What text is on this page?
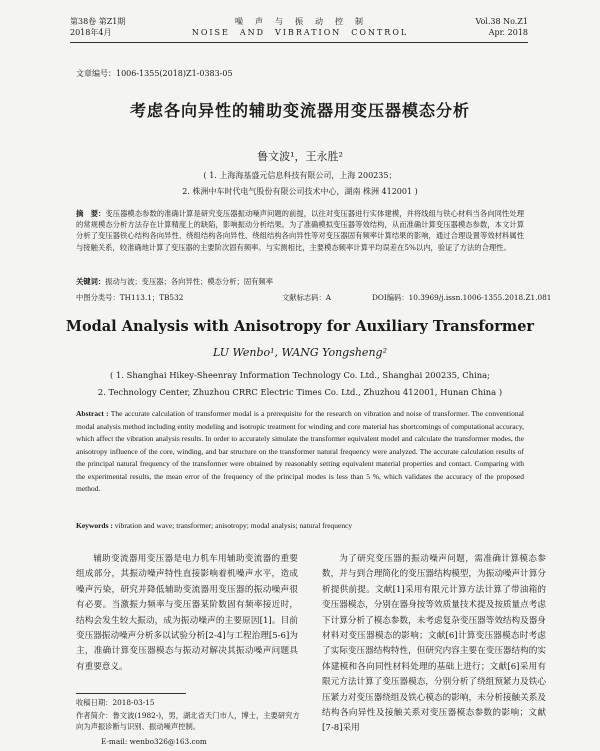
第38卷 第Z1期
2018年4月
噪　声　与　振　动　控　制
NOISE　AND　VIBRATION　CONTROL
Vol.38 No.Z1
Apr. 2018
文章编号：1006-1355(2018)Z1-0383-05
考虑各向异性的辅助变流器用变压器模态分析
鲁文波¹，王永胜²
( 1. 上海海基盛元信息科技有限公司，上海 200235；
2. 株洲中车时代电气股份有限公司技术中心，湖南 株洲 412001 )
摘　要：变压器模态参数的准确计算是研究变压器振动噪声问题的前提，以往对变压器进行实体建模，并将线组与铁心材料当各向同性处理的常规模态分析方法存在计算精度上的缺陷，影响振动分析结果。为了准确模拟变压器等效结构，从而准确计算变压器模态参数，本文计算分析了变压器铁心结构各向异性、绕组结构各向异性、绕组结构各向异性等对变压器固有频率计算结果的影响，通过合理设置等效材料属性与接触关系，较准确地计算了变压器的主要阶次固有频率。与实测相比，主要模态频率计算平均误差在5%以内，验证了方法的合理性。
关键词：振动与波；变压器；各向异性；模态分析；固有频率
中图分类号：TH113.1；TB532	文献标志码：A	DOI编码：10.3969/j.issn.1006-1355.2018.Z1.081
Modal Analysis with Anisotropy for Auxiliary Transformer
LU Wenbo¹, WANG Yongsheng²
( 1. Shanghai Hikey-Sheenray Information Technology Co. Ltd., Shanghai 200235, China;
2. Technology Center, Zhuzhou CRRC Electric Times Co. Ltd., Zhuzhou 412001, Hunan China )
Abstract : The accurate calculation of transformer modal is a prerequisite for the research on vibration and noise of transformer. The conventional modal analysis method including entity modeling and isotropic treatment for winding and core material has shortcomings of computational accuracy, which affect the vibration analysis results. In order to accurately simulate the transformer equivalent model and calculate the transformer modes, the anisotropy influence of the core, winding, and bar structure on the transformer natural frequency were analyzed. The accurate calculation results of the principal natural frequency of the transformer were obtained by reasonably setting equivalent material properties and contact. Comparing with the experimental results, the mean error of the frequency of the principal modes is less than 5 %, which validates the accuracy of the proposed method.
Keywords : vibration and wave; transformer; anisotropy; modal analysis; natural frequency
辅助变流器用变压器是电力机车用辅助变流器的重要组成部分，其振动噪声特性直接影响着机噪声水平，造成噪声污染，研究并降低辅助变流器用变压器的振动噪声很有必要。当激振力频率与变压器某阶数固有频率接近时，结构会发生较大振动，成为振动噪声的主要原因[1]。目前变压器振动噪声分析多以试验分析[2-4]与工程治理[5-6]为主，准确计算变压器模态与振动对解决其振动噪声问题具有重要意义。
为了研究变压器的振动噪声问题，需准确计算模态参数，并与到合理简化的变压器结构模型，为振动噪声计算分析提供前提。文献[1]采用有限元计算方法计算了带油箱的变压器模态，分别在器身按等效质量技术提及按质量点考虑下计算分析了模态参数，未考虑复杂变压器等效结构及器身材料对变压器模态的影响；文献[6]计算变压器模态时考虑了实际变压器结构特性，但研究内容主要在变压器结构的实体建模和各向同性材料处理的基础上进行；文献[6]采用有限元方法计算了变压器模态，分别分析了绕组预紧力及铁心压紧力对变压器绕组及铁心模态的影响，未分析接触关系及结构各向异性及接触关系对变压器模态参数的影响；文献[7-8]采用
收稿日期：2018-03-15
作者简介：鲁文波(1982-)，男，湖北省天门市人，博士，主要研究方向为声振诊断与识别、振动噪声控制。
E-mail: wenbo326@163.com
